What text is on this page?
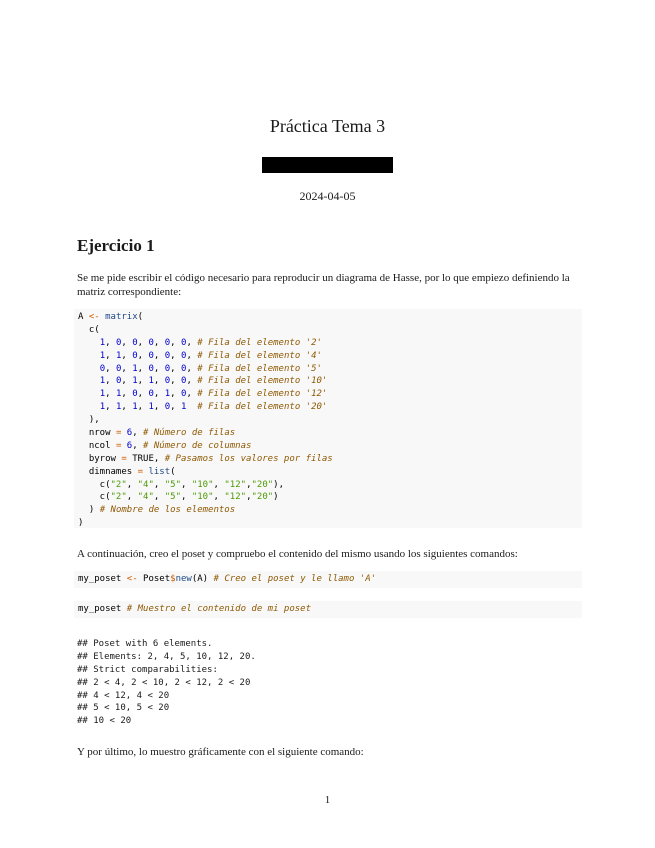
Práctica Tema 3
2024-04-05
Ejercicio 1
Se me pide escribir el código necesario para reproducir un diagrama de Hasse, por lo que empiezo definiendo la matriz correspondiente:
A <- matrix(
c(
1, 0, 0, 0, 0, 0, # Fila del elemento '2'
1, 1, 0, 0, 0, 0, # Fila del elemento '4'
0, 0, 1, 0, 0, 0, # Fila del elemento '5'
1, 0, 1, 1, 0, 0, # Fila del elemento '10'
1, 1, 0, 0, 1, 0, # Fila del elemento '12'
1, 1, 1, 1, 0, 1 # Fila del elemento '20'
),
nrow = 6, # Número de filas
ncol = 6, # Número de columnas
byrow = TRUE, # Pasamos los valores por filas
dimnames = list(
c("2", "4", "5", "10", "12","20"),
c("2", "4", "5", "10", "12","20")
) # Nombre de los elementos
)
A continuación, creo el poset y compruebo el contenido del mismo usando los siguientes comandos:
my_poset <- Poset$new(A) # Creo el poset y le llamo 'A'
my_poset # Muestro el contenido de mi poset
## Poset with 6 elements.
## Elements: 2, 4, 5, 10, 12, 20.
## Strict comparabilities:
## 2 < 4, 2 < 10, 2 < 12, 2 < 20
## 4 < 12, 4 < 20
## 5 < 10, 5 < 20
## 10 < 20
Y por último, lo muestro gráficamente con el siguiente comando:
1
